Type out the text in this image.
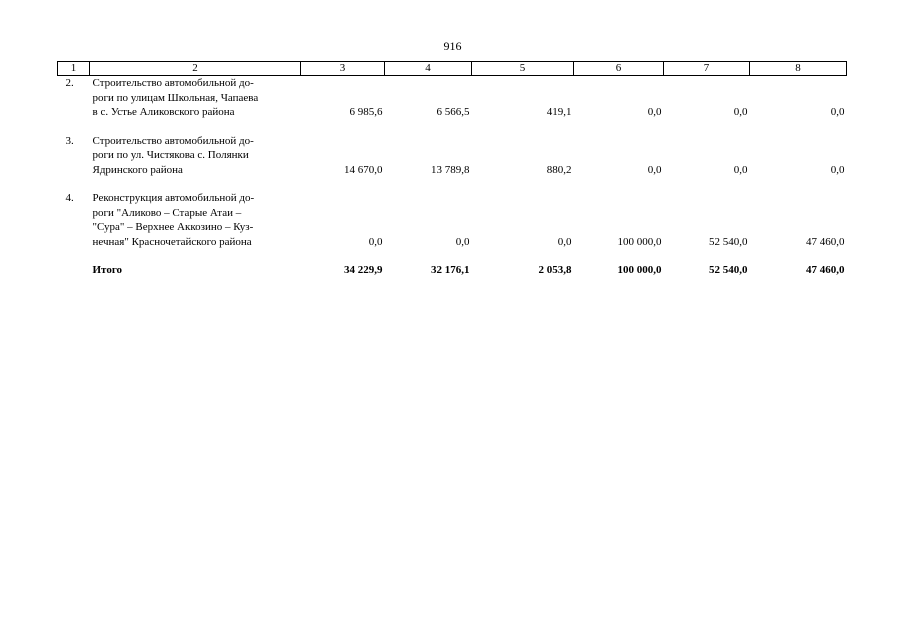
916
1	2	3	4	5	6	7	8
2.	Строительство автомобильной до-
роги по улицам Школьная, Чапаева
в с. Устье Аликовского района	6 985,6	6 566,5	419,1	0,0	0,0	0,0

3.	Строительство автомобильной до-
роги по ул. Чистякова с. Полянки
Ядринского района	14 670,0	13 789,8	880,2	0,0	0,0	0,0

4.	Реконструкция автомобильной до-
роги "Аликово – Старые Атаи –
"Сура" – Верхнее Аккозино – Куз-
нечная" Красночетайского района	0,0	0,0	0,0	100 000,0	52 540,0	47 460,0

	Итого	34 229,9	32 176,1	2 053,8	100 000,0	52 540,0	47 460,0
